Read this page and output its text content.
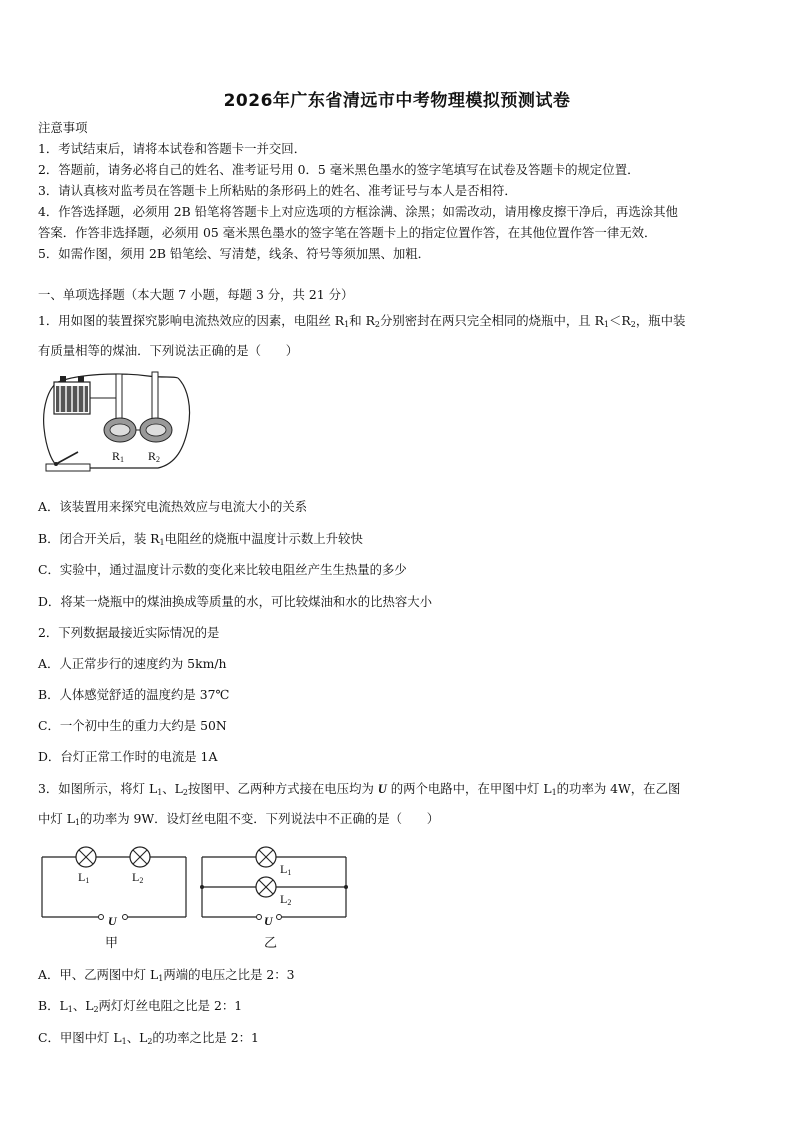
2026年广东省清远市中考物理模拟预测试卷
注意事项
1．考试结束后，请将本试卷和答题卡一并交回．
2．答题前，请务必将自己的姓名、准考证号用 0．5 毫米黑色墨水的签字笔填写在试卷及答题卡的规定位置．
3．请认真核对监考员在答题卡上所粘贴的条形码上的姓名、准考证号与本人是否相符．
4．作答选择题，必须用 2B 铅笔将答题卡上对应选项的方框涂满、涂黑；如需改动，请用橡皮擦干净后，再选涂其他
答案．作答非选择题，必须用 05 毫米黑色墨水的签字笔在答题卡上的指定位置作答，在其他位置作答一律无效．
5．如需作图，须用 2B 铅笔绘、写清楚，线条、符号等须加黑、加粗．
一、单项选择题（本大题 7 小题，每题 3 分，共 21 分）
1．用如图的装置探究影响电流热效应的因素，电阻丝 $R_1$和 $R_2$分别密封在两只完全相同的烧瓶中，且 $R_1<R_2$，瓶中装
有质量相等的煤油．下列说法正确的是（　　）
R1 R2
A．该装置用来探究电流热效应与电流大小的关系
B．闭合开关后，装 $R_1$电阻丝的烧瓶中温度计示数上升较快
C．实验中，通过温度计示数的变化来比较电阻丝产生生热量的多少
D．将某一烧瓶中的煤油换成等质量的水，可比较煤油和水的比热容大小
2．下列数据最接近实际情况的是
A．人正常步行的速度约为 5km/h
B．人体感觉舒适的温度约是 37℃
C．一个初中生的重力大约是 50N
D．台灯正常工作时的电流是 1A
3．如图所示，将灯 $L_1$、$L_2$按图甲、乙两种方式接在电压均为 U 的两个电路中，在甲图中灯 $L_1$的功率为 4W，在乙图
中灯 $L_1$的功率为 9W．设灯丝电阻不变．下列说法中不正确的是（　　）
L1	L2
U
甲
L1
L2
U
乙
A．甲、乙两图中灯 $L_1$两端的电压之比是 2：3
B．$L_1$、$L_2$两灯灯丝电阻之比是 2：1
C．甲图中灯 $L_1$、$L_2$的功率之比是 2：1
